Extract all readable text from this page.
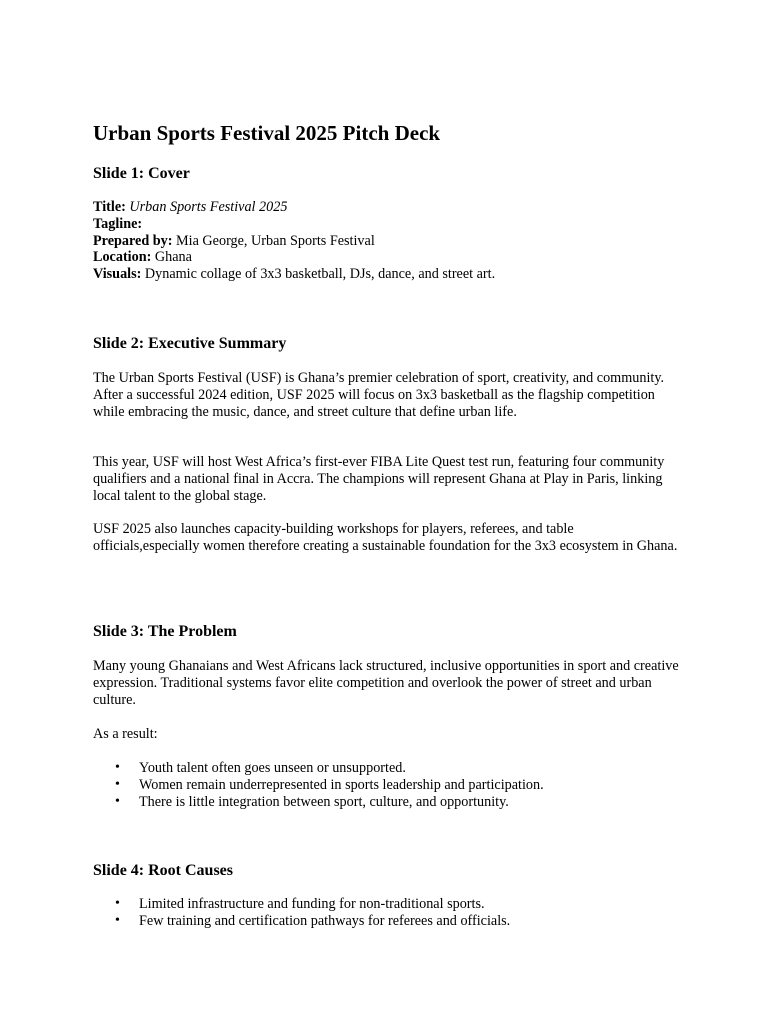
Urban Sports Festival 2025 Pitch Deck
Slide 1: Cover

Title: Urban Sports Festival 2025

Tagline:

Prepared by: Mia George, Urban Sports Festival

Location: Ghana

Visuals: Dynamic collage of 3x3 basketball, DJs, dance, and street art.

Slide 2: Executive Summary

The Urban Sports Festival (USF) is Ghana’s premier celebration of sport, creativity, and community.

After a successful 2024 edition, USF 2025 will focus on 3x3 basketball as the flagship competition while embracing the music, dance, and street culture that define urban life.

This year, USF will host West Africa’s first-ever FIBA Lite Quest test run, featuring four community qualifiers and a national final in Accra. The champions will represent Ghana at Play in Paris, linking local talent to the global stage.

USF 2025 also launches capacity-building workshops for players, referees, and table officials,especially women therefore creating a sustainable foundation for the 3x3 ecosystem in Ghana.

Slide 3: The Problem

Many young Ghanaians and West Africans lack structured, inclusive opportunities in sport and creative expression. Traditional systems favor elite competition and overlook the power of street and urban culture.

As a result:

• Youth talent often goes unseen or unsupported.
• Women remain underrepresented in sports leadership and participation.
• There is little integration between sport, culture, and opportunity.
Slide 4: Root Causes
• Limited infrastructure and funding for non-traditional sports.
• Few training and certification pathways for referees and officials.
